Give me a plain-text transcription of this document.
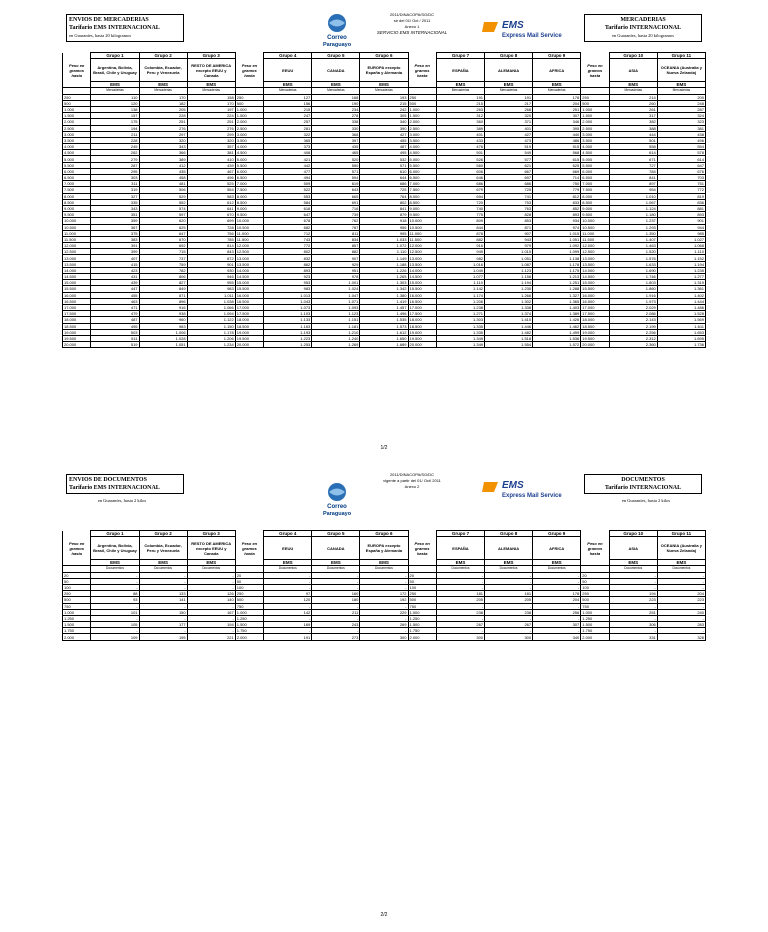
ENVIOS DE MERCADERIAS
Tarifario EMS INTERNACIONAL
en Guaraníes, hasta 20 kilogramos	Correo
Paraguayo
2011/DINACOPA/SG/DC
sir del 01/ Oct / 2011
Anexo 1
SERVICIO EMS INTERNACIONAL
EMS
Express Mail Service
MERCADERIAS
Tarifario INTERNACIONAL
en Guaraníes, hasta 20 kilogramos
	Grupo 1	Grupo 2	Grupo 3		Grupo 4	Grupo 5	Grupo 6		Grupo 7	Grupo 8	Grupo 9		Grupo 10	Grupo 11
Peso en gramos hasta	Argentina, Bolivia, Brasil, Chile y Uruguay	Colombia, Ecuador, Peru y Venezuela	RESTO DE AMERICA excepto EEUU y Canada	Peso en gramos hasta	EEUU	CANADA	EUROPA excepto España y Alemania	Peso en gramos hasta	ESPAÑA	ALEMANIA	AFRICA	Peso en gramos hasta	ASIA	OCEANIA (Australia y Nueva Zelanda)
	EMS	EMS	EMS		EMS	EMS	EMS		EMS	EMS	EMS		EMS	EMS
	Mercaderias	Mercaderias	Mercaderias		Mercaderias	Mercaderias	Mercaderias		Mercaderias	Mercaderias	Mercaderias		Mercaderias	Mercaderias
250	110	170	158	250	127	168	193	250	191	191	178	250	214	200
500	120	182	170	500	156	190	215	500	215	217	204	500	260	248
1.000	138	205	197	1.000	215	234	242	1.000	263	268	251	1.000	261	287
1.500	157	228	224	1.500	247	278	305	1.500	312	320	307	1.500	317	324
2.000	175	251	251	2.000	257	338	340	2.000	360	371	346	2.000	382	323
2.500	194	276	276	2.500	281	330	390	2.500	389	401	395	2.500	388	381
3.000	211	297	299	3.000	322	368	427	3.000	401	427	440	3.000	444	438
3.500	228	320	320	3.500	365	397	455	3.500	433	473	486	3.500	501	496
4.000	245	343	357	4.000	373	435	487	4.000	476	519	515	4.000	558	554
4.500	262	366	381	4.500	408	465	495	4.500	501	549	568	4.500	614	578
5.000	279	389	410	5.000	421	520	532	5.000	526	577	615	5.000	671	614
5.500	287	412	439	5.500	442	550	571	5.500	560	621	625	5.500	727	647
6.000	295	435	467	6.000	477	571	610	6.000	606	667	669	6.000	784	676
6.500	303	458	496	6.500	494	594	644	6.500	646	697	714	6.500	841	703
7.000	311	481	525	7.000	509	619	686	7.000	686	686	750	7.000	897	751
7.500	319	506	554	7.500	522	643	725	7.500	679	725	779	7.500	954	772
8.000	327	529	583	8.000	553	665	764	8.000	694	741	812	8.000	1.010	819
8.500	335	552	612	8.500	584	691	802	8.500	720	753	833	8.500	1.067	836
9.000	343	574	641	9.000	616	716	841	9.000	740	763	852	9.000	1.124	881
9.500	351	597	670	9.500	647	739	879	9.500	775	828	893	9.500	1.180	893
10.000	359	620	699	10.000	678	762	918	10.000	809	853	934	10.000	1.237	901
10.500	367	625	728	10.500	682	787	956	10.500	844	871	974	10.500	1.293	944
11.000	375	647	756	11.000	712	811	995	11.000	878	907	1.015	11.000	1.350	985
11.500	383	670	785	11.500	743	834	1.033	11.500	882	943	1.051	11.500	1.407	1.027
12.000	391	692	814	12.000	772	857	1.072	12.000	916	979	1.092	12.000	1.463	1.068
12.500	399	715	843	12.500	802	882	1.110	12.500	949	1.015	1.099	12.500	1.520	1.110
13.000	407	737	872	13.000	832	907	1.149	13.000	982	1.051	1.138	13.000	1.576	1.152
13.500	415	759	901	13.500	862	929	1.188	13.500	1.016	1.087	1.178	13.500	1.633	1.194
14.000	423	782	930	14.000	893	951	1.226	14.000	1.049	1.123	1.175	14.000	1.690	1.235
14.500	431	806	946	14.500	923	978	1.265	14.500	1.077	1.158	1.213	14.500	1.746	1.277
15.000	439	827	955	15.000	953	1.001	1.303	15.000	1.110	1.194	1.251	15.000	1.803	1.319
15.500	447	849	983	15.500	983	1.024	1.342	15.500	1.142	1.230	1.288	15.500	1.860	1.361
16.000	455	871	1.011	16.000	1.013	1.047	1.380	16.000	1.174	1.266	1.327	16.000	1.916	1.402
16.500	463	896	1.038	16.500	1.043	1.071	1.419	16.500	1.206	1.302	1.365	16.500	1.973	1.444
17.000	471	916	1.066	17.000	1.073	1.093	1.457	17.000	1.238	1.338	1.403	17.000	2.029	1.486
17.500	479	938	1.094	17.500	1.103	1.123	1.496	17.500	1.271	1.374	1.389	17.500	2.086	1.528
18.000	487	960	1.122	18.000	1.133	1.151	1.535	18.000	1.303	1.410	1.426	18.000	2.143	1.569
18.500	495	983	1.150	18.500	1.163	1.181	1.573	18.500	1.335	1.446	1.462	18.500	2.199	1.611
19.000	503	1.006	1.178	19.000	1.193	1.210	1.612	19.000	1.335	1.482	1.499	19.000	2.256	1.653
19.500	511	1.028	1.206	19.500	1.223	1.240	1.650	19.500	1.349	1.518	1.536	19.500	2.312	1.695
20.000	519	1.051	1.234	20.000	1.253	1.269	1.689	20.000	1.349	1.554	1.572	20.000	2.360	1.736
1/2
ENVIOS DE DOCUMENTOS
Tarifario EMS INTERNACIONAL
en Guaraníes, hasta 2 kilos
Correo
Paraguayo
2011/DINACOPA/SG/DC
vigente a partir del 01/ Oct/ 2011
Anexo 2	EMS
Express Mail Service
DOCUMENTOS
Tarifario INTERNACIONAL
en Guaraníes, hasta 2 kilos
	Grupo 1	Grupo 2	Grupo 3		Grupo 4	Grupo 5	Grupo 6		Grupo 7	Grupo 8	Grupo 9		Grupo 10	Grupo 11
Peso en gramos hasta	Argentina, Bolivia, Brasil, Chile y Uruguay	Colombia, Ecuador, Peru y Venezuela	RESTO DE AMERICA excepto EEUU y Canada	Peso en gramos hasta	EEUU	CANADA	EUROPA excepto España y Alemania	Peso en gramos hasta	ESPAÑA	ALEMANIA	AFRICA	Peso en gramos hasta	ASIA	OCEANIA (Australia y Nueva Zelanda)
	EMS	EMS	EMS		EMS	EMS	EMS		EMS	EMS	EMS		EMS	EMS
	Documentos	Documentos	Documentos		Documentos	Documentos	Documentos		Documentos	Documentos	Documentos		Documentos	Documentos
20	-	-	-	20	-	-	-	20	-	-	-	20	-	-
50	-	-	-	50	-	-	-	50	-	-	-	50	-	-
100	-	-	-	100	-	-	-	100	-	-	-	100	-	-
250	88	133	126	250	97	160	172	250	181	181	178	250	194	204
500	93	141	140	500	120	180	192	500	205	205	204	500	223	223
750	-	-	-	750	-	-	-	750	-	-	-	750	-	-
1.000	101	150	167	1.000	142	211	229	1.000	238	238	256	1.000	251	240
1.250	-	-	-	1.250	-	-	-	1.250	-	-	-	1.250	-	-
1.500	105	177	194	1.500	169	243	269	1.500	267	267	307	1.500	306	283
1.750	-	-	-	1.750	-	-	-	1.750	-	-	-	1.750	-	-
2.000	109	195	221	2.000	191	273	300	2.000	300	300	340	2.000	331	328
2/2
